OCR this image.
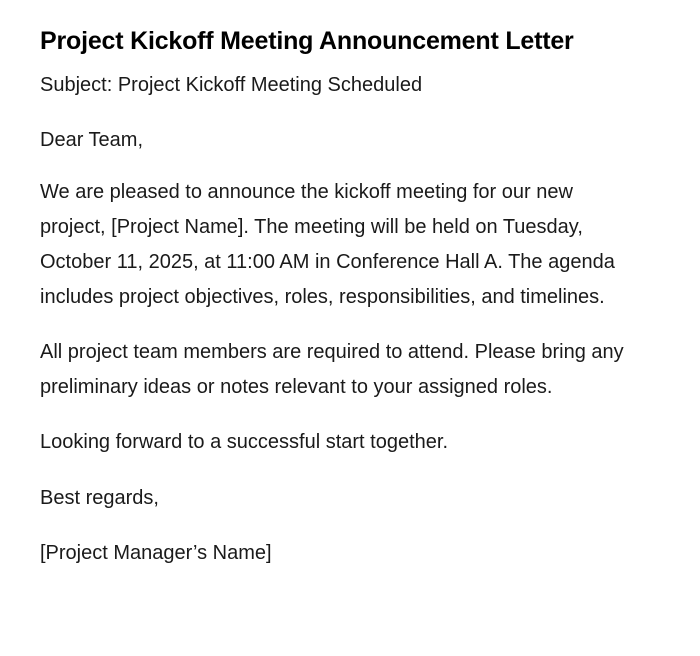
Project Kickoff Meeting Announcement Letter

Subject: Project Kickoff Meeting Scheduled

Dear Team,

We are pleased to announce the kickoff meeting for our new project, [Project Name]. The meeting will be held on Tuesday, October 11, 2025, at 11:00 AM in Conference Hall A. The agenda includes project objectives, roles, responsibilities, and timelines.

All project team members are required to attend. Please bring any preliminary ideas or notes relevant to your assigned roles.

Looking forward to a successful start together.

Best regards,

[Project Manager’s Name]
